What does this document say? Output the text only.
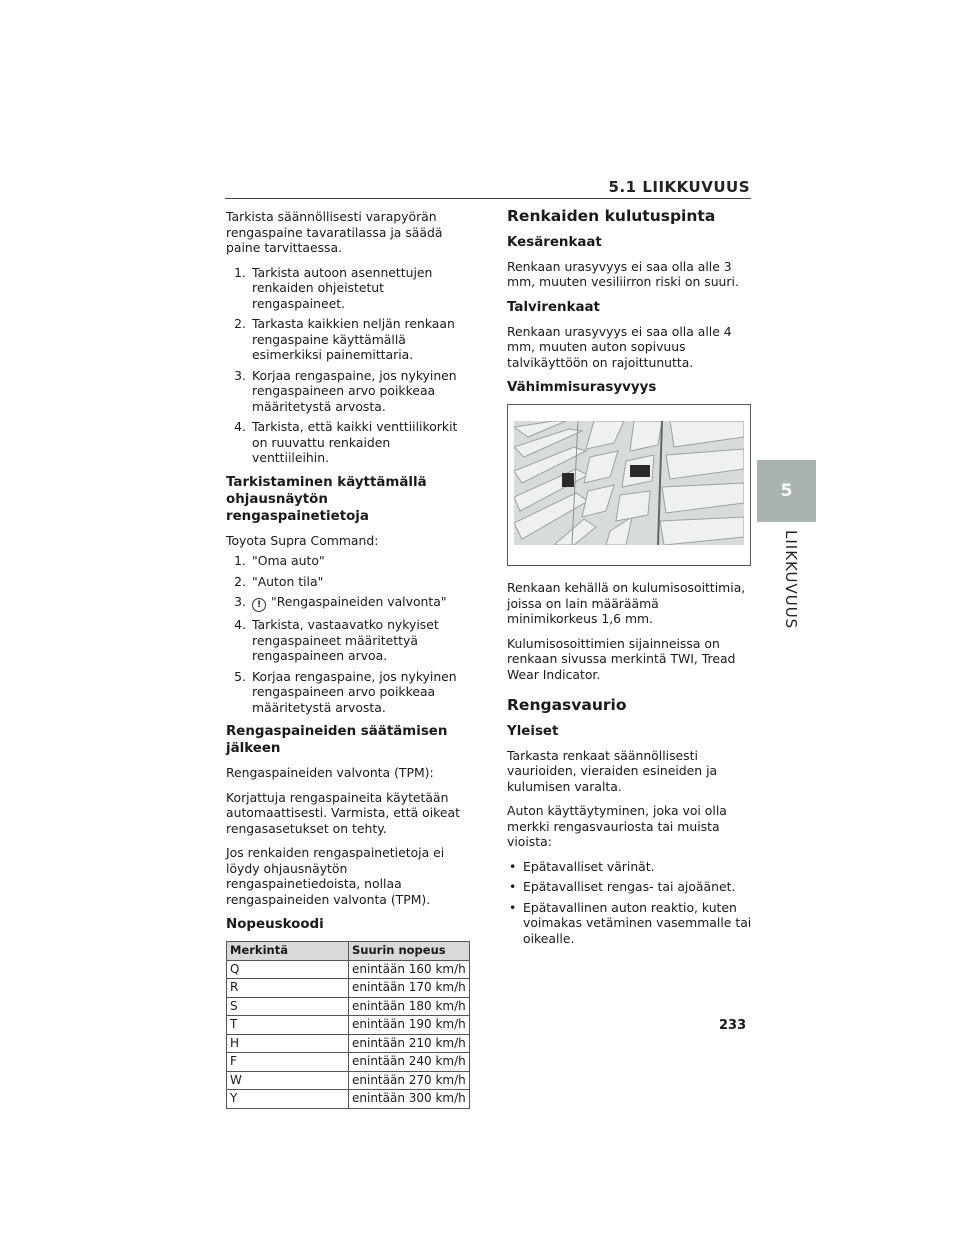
5.1 LIIKKUVUUS

Tarkista säännöllisesti varapyörän rengaspaine tavaratilassa ja säädä paine tarvittaessa.

1. Tarkista autoon asennettujen renkaiden ohjeistetut rengaspaineet.
2. Tarkasta kaikkien neljän renkaan rengaspaine käyttämällä esimerkiksi painemittaria.
3. Korjaa rengaspaine, jos nykyinen rengaspaineen arvo poikkeaa määritetystä arvosta.
4. Tarkista, että kaikki venttiilikorkit on ruuvattu renkaiden venttiileihin.
Tarkistaminen käyttämällä ohjausnäytön rengaspainetietoja

Toyota Supra Command:

1. "Oma auto"
2. "Auton tila"
3.	! "Rengaspaineiden valvonta"
4. Tarkista, vastaavatko nykyiset rengaspaineet määritettyä rengaspaineen arvoa.
5. Korjaa rengaspaine, jos nykyinen rengaspaineen arvo poikkeaa määritetystä arvosta.
Rengaspaineiden säätämisen jälkeen

Rengaspaineiden valvonta (TPM):

Korjattuja rengaspaineita käytetään automaattisesti. Varmista, että oikeat rengasasetukset on tehty.

Jos renkaiden rengaspainetietoja ei löydy ohjausnäytön rengaspainetiedoista, nollaa rengaspaineiden valvonta (TPM).

Nopeuskoodi
Merkintä	Suurin nopeus
Q	enintään 160 km/h
R	enintään 170 km/h
S	enintään 180 km/h
T	enintään 190 km/h
H	enintään 210 km/h
F	enintään 240 km/h
W	enintään 270 km/h
Y	enintään 300 km/h
Renkaiden kulutuspinta
Kesärenkaat

Renkaan urasyvyys ei saa olla alle 3 mm, muuten vesiliirron riski on suuri.

Talvirenkaat

Renkaan urasyvyys ei saa olla alle 4 mm, muuten auton sopivuus talvikäyttöön on rajoittunutta.

Vähimmisurasyvyys

Renkaan kehällä on kulumisosoittimia, joissa on lain määräämä minimikorkeus 1,6 mm.

Kulumisosoittimien sijainneissa on renkaan sivussa merkintä TWI, Tread Wear Indicator.

Rengasvaurio
Yleiset

Tarkasta renkaat säännöllisesti vaurioiden, vieraiden esineiden ja kulumisen varalta.

Auton käyttäytyminen, joka voi olla merkki rengasvauriosta tai muista vioista:

• Epätavalliset värinät.
• Epätavalliset rengas- tai ajoäänet.
• Epätavallinen auton reaktio, kuten voimakas vetäminen vasemmalle tai oikealle.
5
LIIKKUVUUS
233
